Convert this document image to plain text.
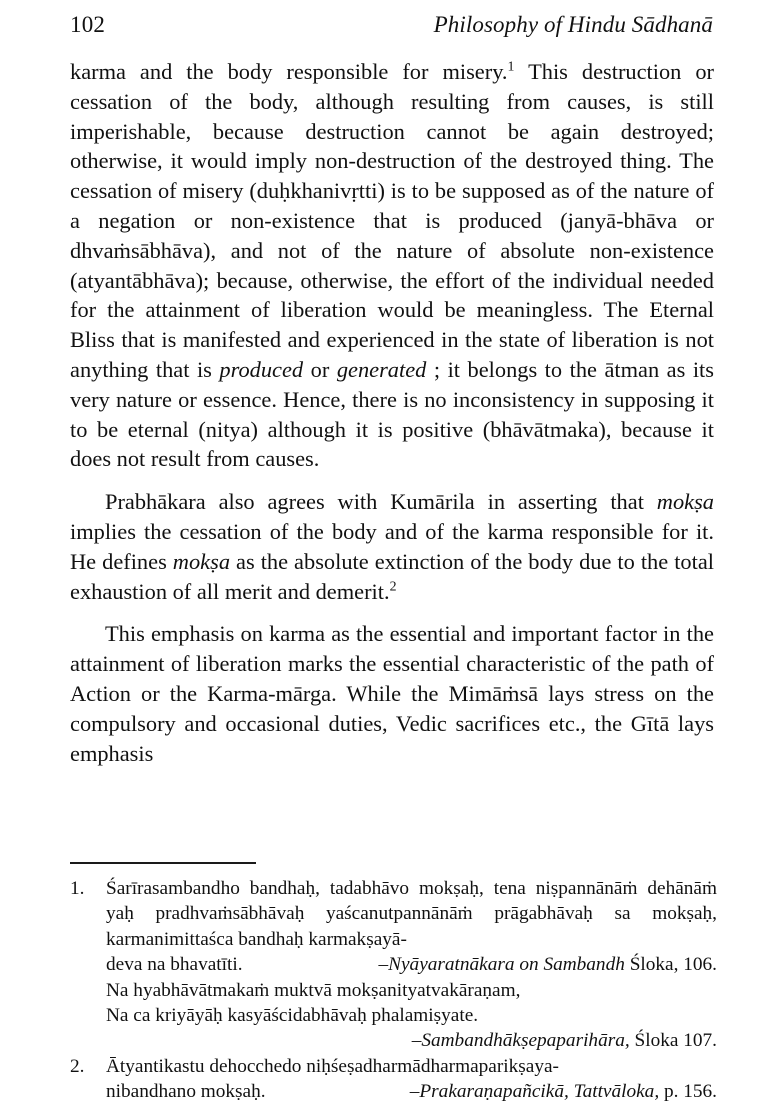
102	Philosophy of Hindu Sādhanā

karma and the body responsible for misery.$^1$ This destruction or cessation of the body, although resulting from causes, is still imperishable, because destruction cannot be again destroyed; otherwise, it would imply non-destruction of the destroyed thing. The cessation of misery (duḥkhanivṛtti) is to be supposed as of the nature of a negation or non-existence that is produced (janyā-bhāva or dhvaṁsābhāva), and not of the nature of absolute non-existence (atyantābhāva); because, otherwise, the effort of the individual needed for the attainment of liberation would be meaningless. The Eternal Bliss that is manifested and experienced in the state of liberation is not anything that is produced or generated ; it belongs to the ātman as its very nature or essence. Hence, there is no inconsistency in supposing it to be eternal (nitya) although it is positive (bhāvātmaka), because it does not result from causes.

Prabhākara also agrees with Kumārila in asserting that mokṣa implies the cessation of the body and of the karma responsible for it. He defines mokṣa as the absolute extinction of the body due to the total exhaustion of all merit and demerit.$^2$

This emphasis on karma as the essential and important factor in the attainment of liberation marks the essential characteristic of the path of Action or the Karma-mārga. While the Mimāṁsā lays stress on the compulsory and occasional duties, Vedic sacrifices etc., the Gītā lays emphasis

1.	Śarīrasambandho bandhaḥ, tadabhāvo mokṣaḥ, tena niṣpannānāṁ dehānāṁ yaḥ pradhvaṁsābhāvaḥ yaścanutpannānāṁ prāgabhāvaḥ sa mokṣaḥ, karmanimittaśca bandhaḥ karmakṣayā-
deva na bhavatīti.	–Nyāyaratnākara on Sambandh Śloka, 106.
Na hyabhāvātmakaṁ muktvā mokṣanityatvakāraṇam,
Na ca kriyāyāḥ kasyāścidabhāvaḥ phalamiṣyate.
–Sambandhākṣepaparihāra, Śloka 107.
2.	Ātyantikastu dehocchedo niḥśeṣadharmādharmaparikṣaya-
nibandhano mokṣaḥ.	–Prakaraṇapañcikā, Tattvāloka, p. 156.
